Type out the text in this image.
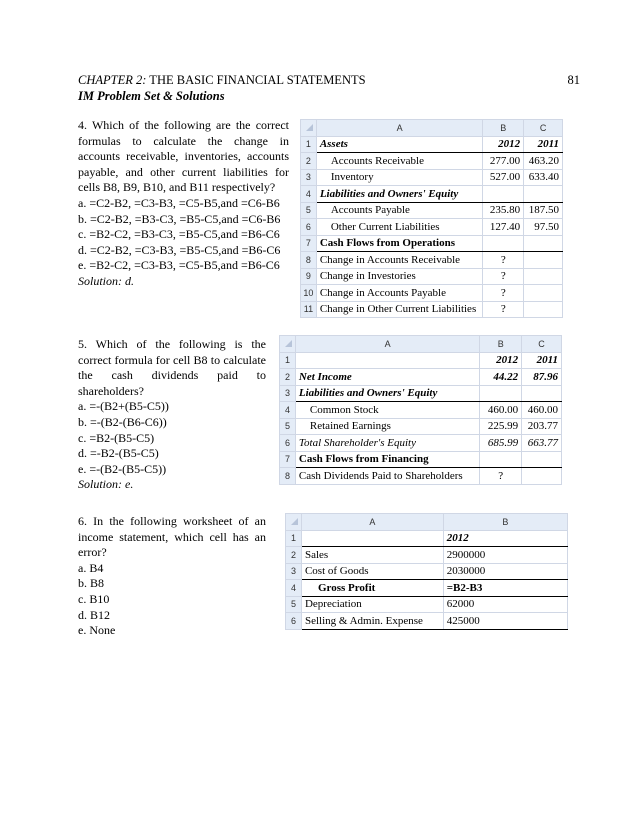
CHAPTER 2: THE BASIC FINANCIAL STATEMENTS	81
IM Problem Set & Solutions
4. Which of the following are the correct formulas to calculate the change in accounts receivable, inventories, accounts payable, and other current liabilities for cells B8, B9, B10, and B11 respectively?
a. =C2-B2, =C3-B3, =C5-B5,and =C6-B6
b. =C2-B2, =B3-C3, =B5-C5,and =C6-B6
c. =B2-C2, =B3-C3, =B5-C5,and =B6-C6
d. =C2-B2, =C3-B3, =B5-C5,and =B6-C6
e. =B2-C2, =C3-B3, =C5-B5,and =B6-C6
Solution: d.
	A	B	C
1	Assets	2012	2011
2	Accounts Receivable	277.00	463.20
3	Inventory	527.00	633.40
4	Liabilities and Owners' Equity		
5	Accounts Payable	235.80	187.50
6	Other Current Liabilities	127.40	97.50
7	Cash Flows from Operations		
8	Change in Accounts Receivable	?	
9	Change in Investories	?	
10	Change in Accounts Payable	?	
11	Change in Other Current Liabilities	?	
5. Which of the following is the correct formula for cell B8 to calculate the cash dividends paid to shareholders?
a. =-(B2+(B5-C5))
b. =-(B2-(B6-C6))
c. =B2-(B5-C5)
d. =-B2-(B5-C5)
e. =-(B2-(B5-C5))
Solution: e.
	A	B	C
1		2012	2011
2	Net Income	44.22	87.96
3	Liabilities and Owners' Equity		
4	Common Stock	460.00	460.00
5	Retained Earnings	225.99	203.77
6	Total Shareholder's Equity	685.99	663.77
7	Cash Flows from Financing		
8	Cash Dividends Paid to Shareholders	?	
6. In the following worksheet of an income statement, which cell has an error?
a. B4
b. B8
c. B10
d. B12
e. None
	A	B
1		2012
2	Sales	2900000
3	Cost of Goods	2030000
4	Gross Profit	=B2-B3
5	Depreciation	62000
6	Selling & Admin. Expense	425000
